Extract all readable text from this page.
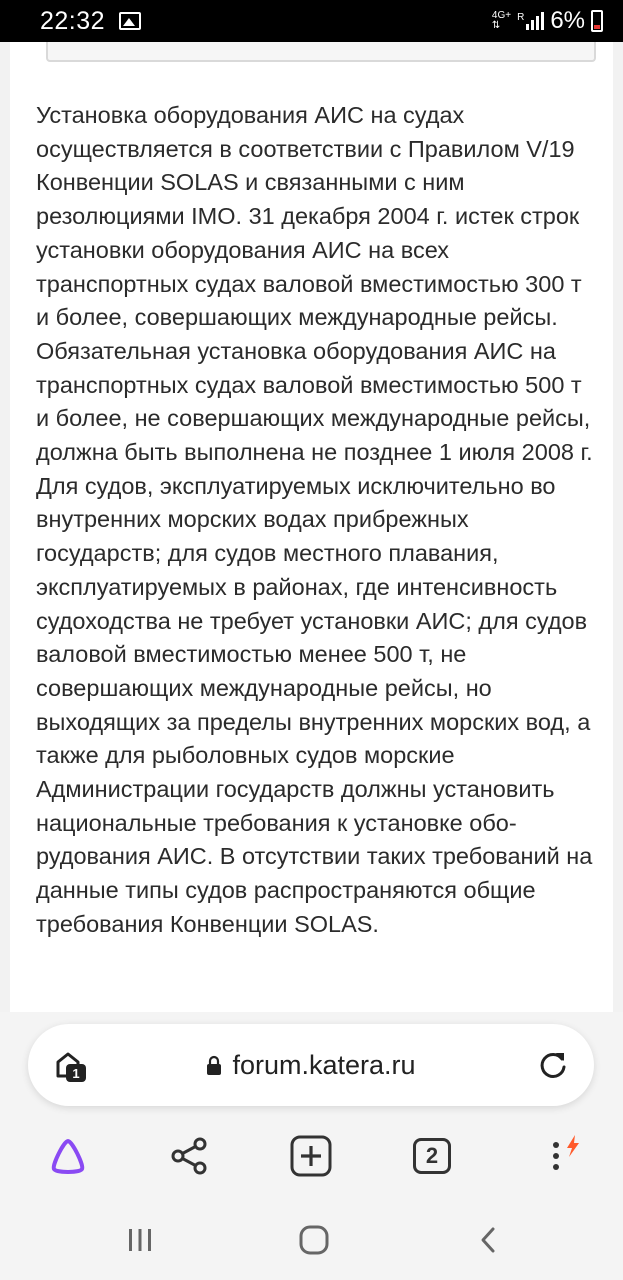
22:32	4G+
⇅
R 6%

Установка оборудования АИС на судах осуществляется в соответствии с Правилом V/19 Конвенции SOLAS и связанными с ним резолюциями IMO. 31 декабря 2004 г. истек строк установки оборудования АИС на всех транспортных судах валовой вместимостью 300 т и более, совершающих международные рейсы. Обязательная установка оборудования АИС на транспортных судах валовой вместимостью 500 т и более, не совершающих международные рейсы, должна быть выполнена не позднее 1 июля 2008 г.

Для судов, эксплуатируемых исключительно во внутренних морских водах прибрежных государств; для судов местного плавания, эксплуатируемых в районах, где интенсивность судоходства не требует установки АИС; для судов валовой вместимостью менее 500 т, не совершающих международные рейсы, но выходящих за пределы внутренних морских вод, а также для рыболовных судов морские Администрации государств должны установить национальные требования к установке обо-рудования АИС. В отсутствии таких требований на данные типы судов распространяются общие требования Конвенции SOLAS.

1	forum.katera.ru
2
